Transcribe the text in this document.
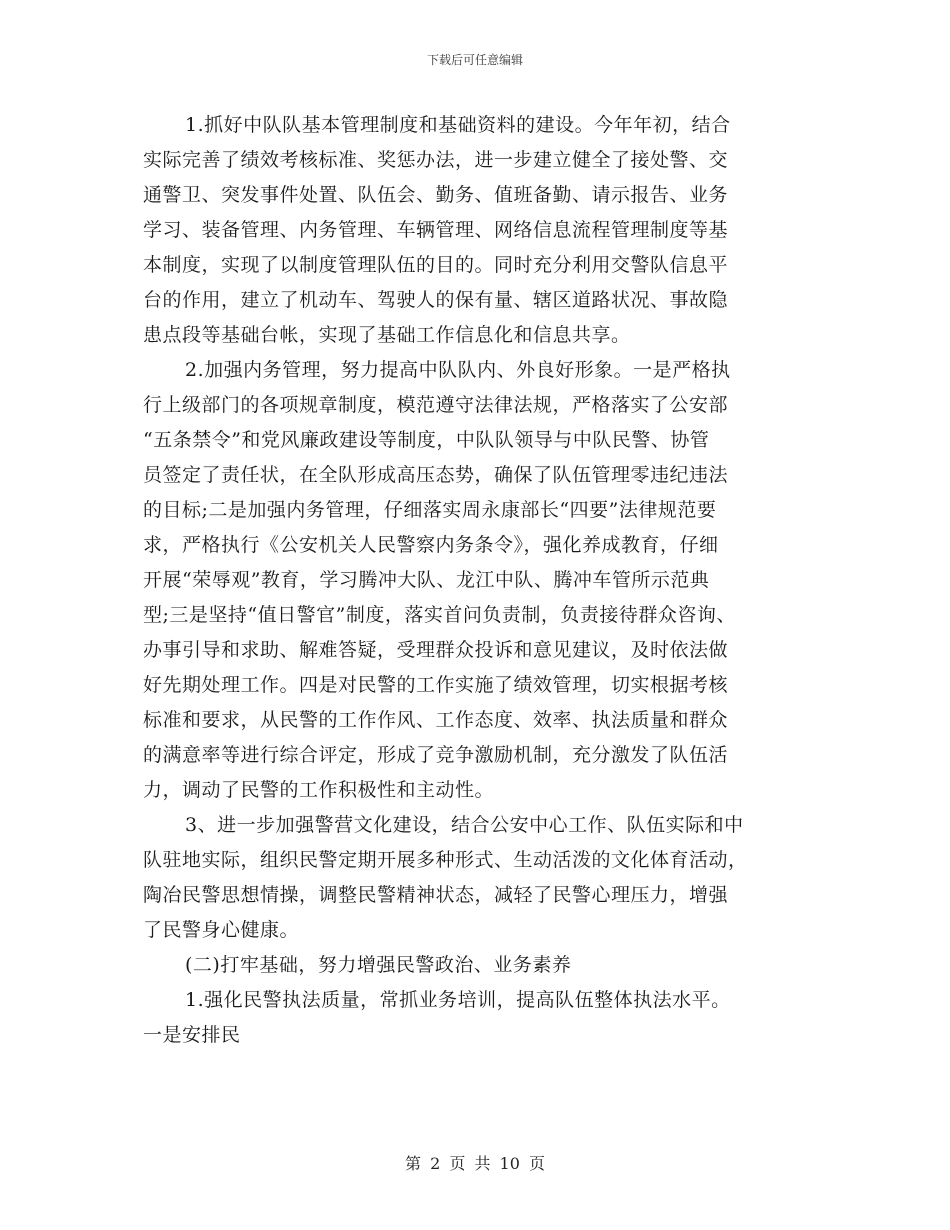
下载后可任意编辑
1.抓好中队队基本管理制度和基础资料的建设。今年年初，结合
实际完善了绩效考核标准、奖惩办法，进一步建立健全了接处警、交
通警卫、突发事件处置、队伍会、勤务、值班备勤、请示报告、业务
学习、装备管理、内务管理、车辆管理、网络信息流程管理制度等基
本制度，实现了以制度管理队伍的目的。同时充分利用交警队信息平
台的作用，建立了机动车、驾驶人的保有量、辖区道路状况、事故隐
患点段等基础台帐，实现了基础工作信息化和信息共享。
2.加强内务管理，努力提高中队队内、外良好形象。一是严格执
行上级部门的各项规章制度，模范遵守法律法规，严格落实了公安部
“五条禁令”和党风廉政建设等制度，中队队领导与中队民警、协管
员签定了责任状，在全队形成高压态势，确保了队伍管理零违纪违法
的目标;二是加强内务管理，仔细落实周永康部长“四要”法律规范要
求，严格执行《公安机关人民警察内务条令》，强化养成教育，仔细
开展“荣辱观”教育，学习腾冲大队、龙江中队、腾冲车管所示范典
型;三是坚持“值日警官”制度，落实首问负责制，负责接待群众咨询、
办事引导和求助、解难答疑，受理群众投诉和意见建议，及时依法做
好先期处理工作。四是对民警的工作实施了绩效管理，切实根据考核
标准和要求，从民警的工作作风、工作态度、效率、执法质量和群众
的满意率等进行综合评定，形成了竞争激励机制，充分激发了队伍活
力，调动了民警的工作积极性和主动性。
3、进一步加强警营文化建设，结合公安中心工作、队伍实际和中
队驻地实际，组织民警定期开展多种形式、生动活泼的文化体育活动，
陶冶民警思想情操，调整民警精神状态，减轻了民警心理压力，增强
了民警身心健康。
(二)打牢基础，努力增强民警政治、业务素养
1.强化民警执法质量，常抓业务培训，提高队伍整体执法水平。
一是安排民
第 2 页 共 10 页
